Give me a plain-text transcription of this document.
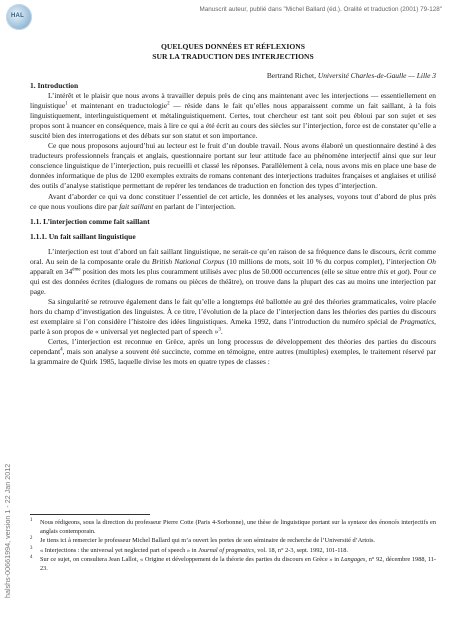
HAL
Manuscrit auteur, publié dans "Michel Ballard (éd.). Oralité et traduction (2001) 79-128"
halshs-00661994, version 1 - 22 Jan 2012
QUELQUES DONNÉES ET RÉFLEXIONS
SUR LA TRADUCTION DES INTERJECTIONS
Bertrand Richet, Université Charles-de-Gaulle — Lille 3
1. Introduction

L’intérêt et le plaisir que nous avons à travailler depuis près de cinq ans maintenant avec les interjections — essentiellement en linguistique$^1$ et maintenant en traductologie$^2$ — réside dans le fait qu’elles nous apparaissent comme un fait saillant, à la fois linguistiquement, interlinguistiquement et métalinguistiquement. Certes, tout chercheur est tant soit peu ébloui par son sujet et ses propos sont à nuancer en conséquence, mais à lire ce qui a été écrit au cours des siècles sur l’interjection, force est de constater qu’elle a suscité bien des interrogations et des débats sur son statut et son importance.

Ce que nous proposons aujourd’hui au lecteur est le fruit d’un double travail. Nous avons élaboré un questionnaire destiné à des traducteurs professionnels français et anglais, questionnaire portant sur leur attitude face au phénomène interjectif ainsi que sur leur conscience linguistique de l’interjection, puis recueilli et classé les réponses. Parallèlement à cela, nous avons mis en place une base de données informatique de plus de 1200 exemples extraits de romans contenant des interjections traduites françaises et anglaises et utilisé des outils d’analyse statistique permettant de repérer les tendances de traduction en fonction des types d’interjection.

Avant d’aborder ce qui va donc constituer l’essentiel de cet article, les données et les analyses, voyons tout d’abord de plus près ce que nous voulions dire par fait saillant en parlant de l’interjection.

1.1. L’interjection comme fait saillant
1.1.1. Un fait saillant linguistique

L’interjection est tout d’abord un fait saillant linguistique, ne serait-ce qu’en raison de sa fréquence dans le discours, écrit comme oral. Au sein de la composante orale du British National Corpus (10 millions de mots, soit 10 % du corpus complet), l’interjection Oh apparaît en 34ème position des mots les plus couramment utilisés avec plus de 50.000 occurrences (elle se situe entre this et got). Pour ce qui est des données écrites (dialogues de romans ou pièces de théâtre), on trouve dans la plupart des cas au moins une interjection par page.

Sa singularité se retrouve également dans le fait qu’elle a longtemps été ballottée au gré des théories grammaticales, voire placée hors du champ d’investigation des linguistes. À ce titre, l’évolution de la place de l’interjection dans les théories des parties du discours est exemplaire si l’on considère l’histoire des idées linguistiques. Ameka 1992, dans l’introduction du numéro spécial de Pragmatics, parle à son propos de « universal yet neglected part of speech »$^3$.

Certes, l’interjection est reconnue en Grèce, après un long processus de développement des théories des parties du discours cependant$^4$, mais son analyse a souvent été succincte, comme en témoigne, entre autres (multiples) exemples, le traitement réservé par la grammaire de Quirk 1985, laquelle divise les mots en quatre types de classes :

1 Nous rédigeons, sous la direction du professeur Pierre Cotte (Paris 4-Sorbonne), une thèse de linguistique portant sur la syntaxe des énoncés interjectifs en anglais contemporain.
2 Je tiens ici à remercier le professeur Michel Ballard qui m’a ouvert les portes de son séminaire de recherche de l’Université d’Artois.
3 « Interjections : the universal yet neglected part of speech » in Journal of pragmatics, vol. 18, n° 2-3, sept. 1992, 101-118.
4 Sur ce sujet, on consultera Jean Lallot, « Origine et développement de la théorie des parties du discours en Grèce » in Langages, n° 92, décembre 1988, 11-23.
